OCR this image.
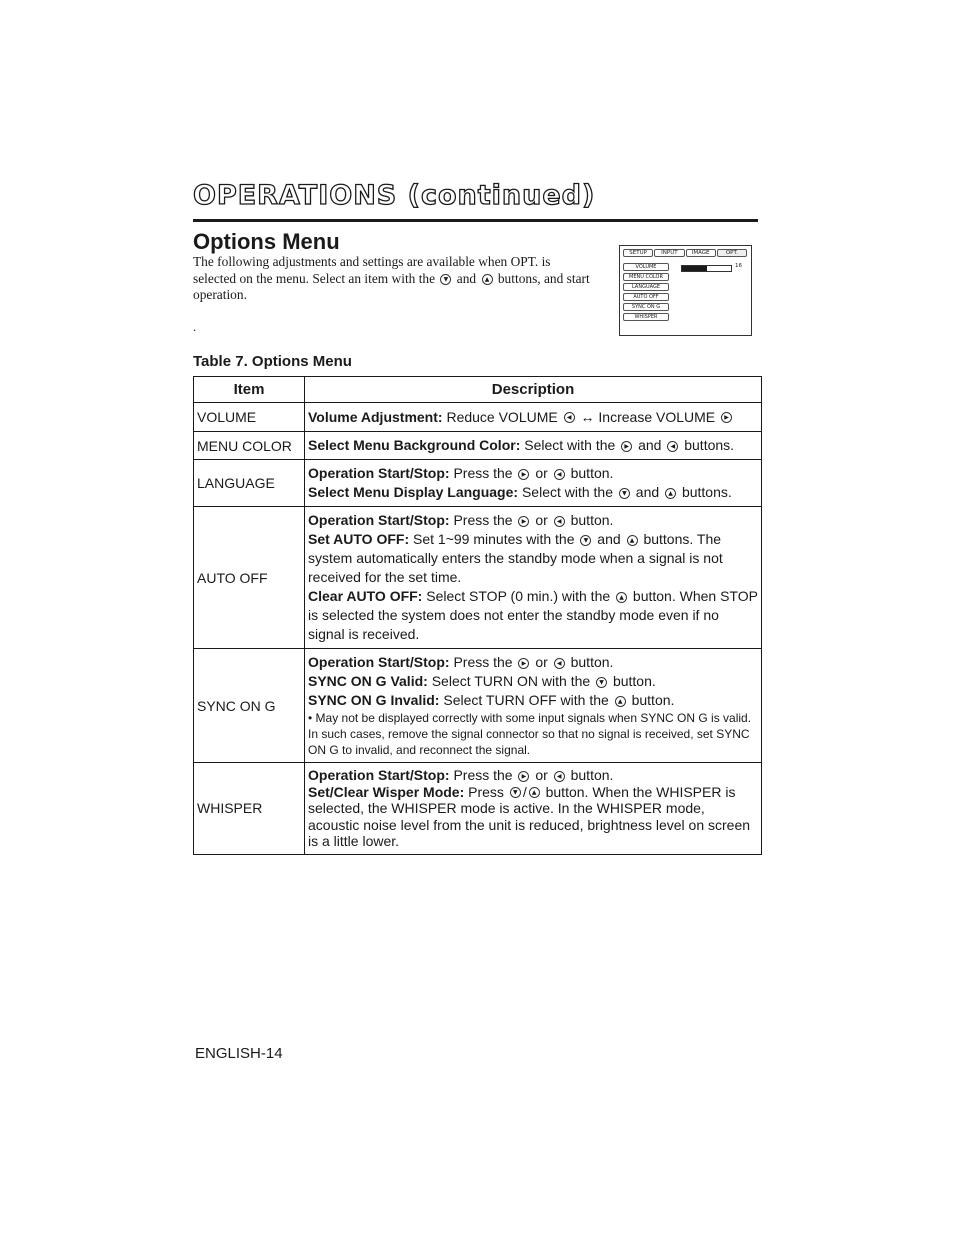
OPERATIONS (continued)
Options Menu
The following adjustments and settings are available when OPT. is selected on the menu. Select an item with the ▼ and ▲ buttons, and start operation.
.
SETUP	INPUT	IMAGE	OPT.
VOLUME
MENU COLOR
LANGUAGE
AUTO OFF
SYNC ON G
WHISPER
16
Table 7. Options Menu
Item	Description
VOLUME	Volume Adjustment: Reduce VOLUME ◀ ↔ Increase VOLUME ▶
MENU COLOR	Select Menu Background Color: Select with the ▶ and ◀ buttons.
LANGUAGE	Operation Start/Stop: Press the ▶ or ◀ button.

Select Menu Display Language: Select with the ▼ and ▲ buttons.

AUTO OFF	Operation Start/Stop: Press the ▶ or ◀ button.

Set AUTO OFF: Set 1~99 minutes with the ▼ and ▲ buttons. The system automatically enters the standby mode when a signal is not received for the set time.

Clear AUTO OFF: Select STOP (0 min.) with the ▲ button. When STOP is selected the system does not enter the standby mode even if no signal is received.

SYNC ON G	Operation Start/Stop: Press the ▶ or ◀ button.

SYNC ON G Valid: Select TURN ON with the ▼ button.

SYNC ON G Invalid: Select TURN OFF with the ▲ button.

• May not be displayed correctly with some input signals when SYNC ON G is valid. In such cases, remove the signal connector so that no signal is received, set SYNC ON G to invalid, and reconnect the signal.

WHISPER	Operation Start/Stop: Press the ▶ or ◀ button.

Set/Clear Wisper Mode: Press ▼ / ▲ button. When the WHISPER is selected, the WHISPER mode is active. In the WHISPER mode, acoustic noise level from the unit is reduced, brightness level on screen is a little lower.

ENGLISH-14
